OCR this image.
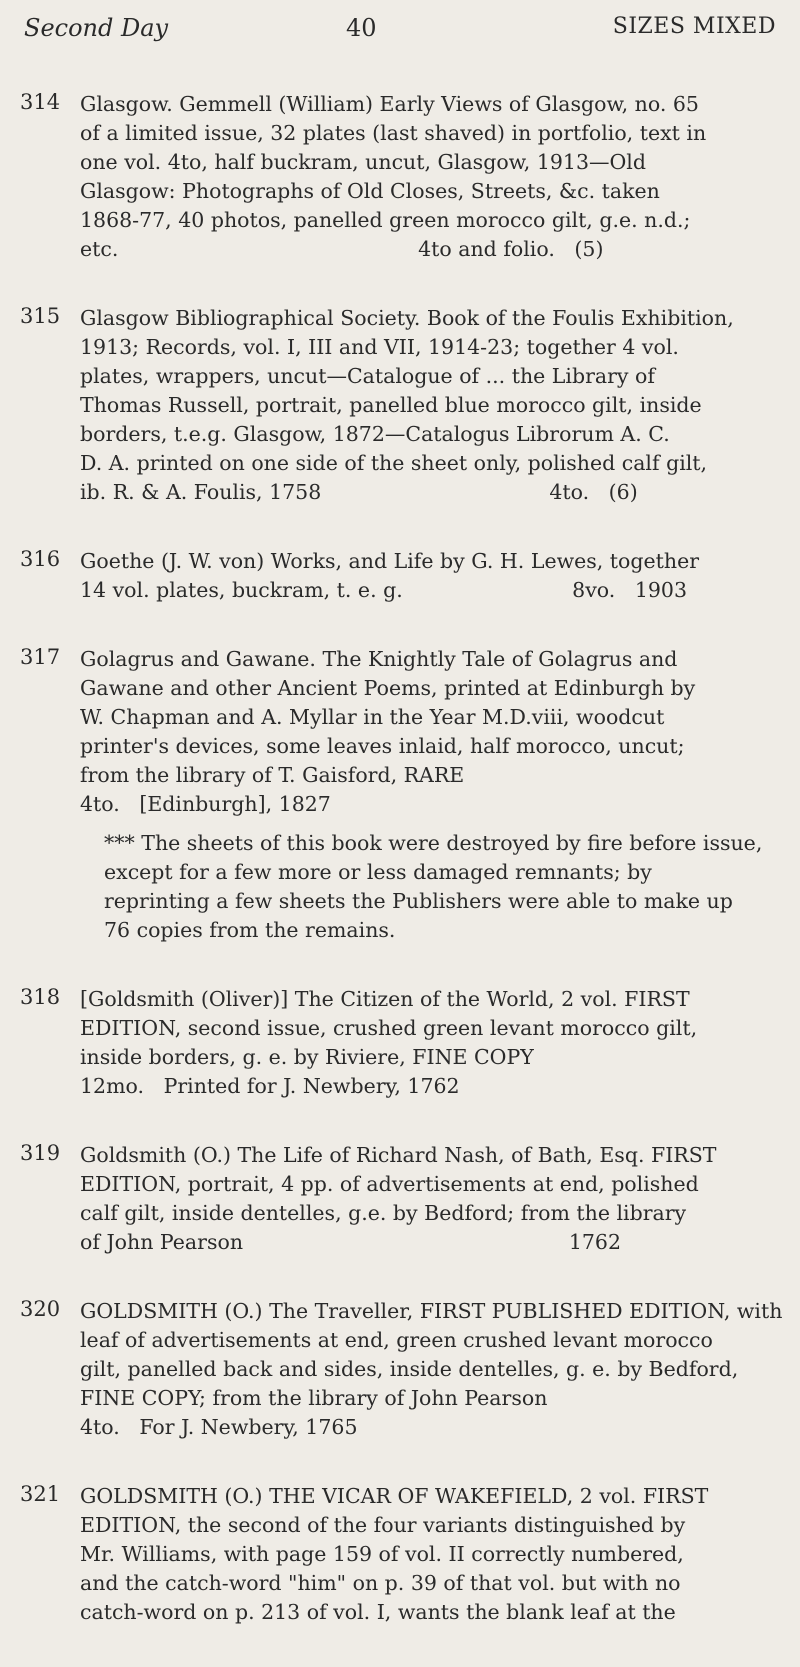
Second Day	40	SIZES MIXED
314 Glasgow. Gemmell (William) Early Views of Glasgow, no. 65
of a limited issue, 32 plates (last shaved) in portfolio, text in
one vol. 4to, half buckram, uncut, Glasgow, 1913—Old
Glasgow: Photographs of Old Closes, Streets, &c. taken
1868-77, 40 photos, panelled green morocco gilt, g.e. n.d.;
etc.                                              4to and folio.   (5)
315 Glasgow Bibliographical Society. Book of the Foulis Exhibition,
1913; Records, vol. I, III and VII, 1914-23; together 4 vol.
plates, wrappers, uncut—Catalogue of ... the Library of
Thomas Russell, portrait, panelled blue morocco gilt, inside
borders, t.e.g. Glasgow, 1872—Catalogus Librorum A. C.
D. A. printed on one side of the sheet only, polished calf gilt,
ib. R. & A. Foulis, 1758                                   4to.   (6)
316 Goethe (J. W. von) Works, and Life by G. H. Lewes, together
14 vol. plates, buckram, t. e. g.                          8vo.   1903
317 Golagrus and Gawane. The Knightly Tale of Golagrus and
Gawane and other Ancient Poems, printed at Edinburgh by
W. Chapman and A. Myllar in the Year M.D.viii, woodcut
printer's devices, some leaves inlaid, half morocco, uncut;
from the library of T. Gaisford, RARE
4to.   [Edinburgh], 1827
*** The sheets of this book were destroyed by fire before issue,
except for a few more or less damaged remnants; by
reprinting a few sheets the Publishers were able to make up
76 copies from the remains.
318 [Goldsmith (Oliver)] The Citizen of the World, 2 vol. FIRST
EDITION, second issue, crushed green levant morocco gilt,
inside borders, g. e. by Riviere, FINE COPY
12mo.   Printed for J. Newbery, 1762
319 Goldsmith (O.) The Life of Richard Nash, of Bath, Esq. FIRST
EDITION, portrait, 4 pp. of advertisements at end, polished
calf gilt, inside dentelles, g.e. by Bedford; from the library
of John Pearson                                                  1762
320 GOLDSMITH (O.) The Traveller, FIRST PUBLISHED EDITION, with
leaf of advertisements at end, green crushed levant morocco
gilt, panelled back and sides, inside dentelles, g. e. by Bedford,
FINE COPY; from the library of John Pearson
4to.   For J. Newbery, 1765
321 GOLDSMITH (O.) THE VICAR OF WAKEFIELD, 2 vol. FIRST
EDITION, the second of the four variants distinguished by
Mr. Williams, with page 159 of vol. II correctly numbered,
and the catch-word "him" on p. 39 of that vol. but with no
catch-word on p. 213 of vol. I, wants the blank leaf at the
